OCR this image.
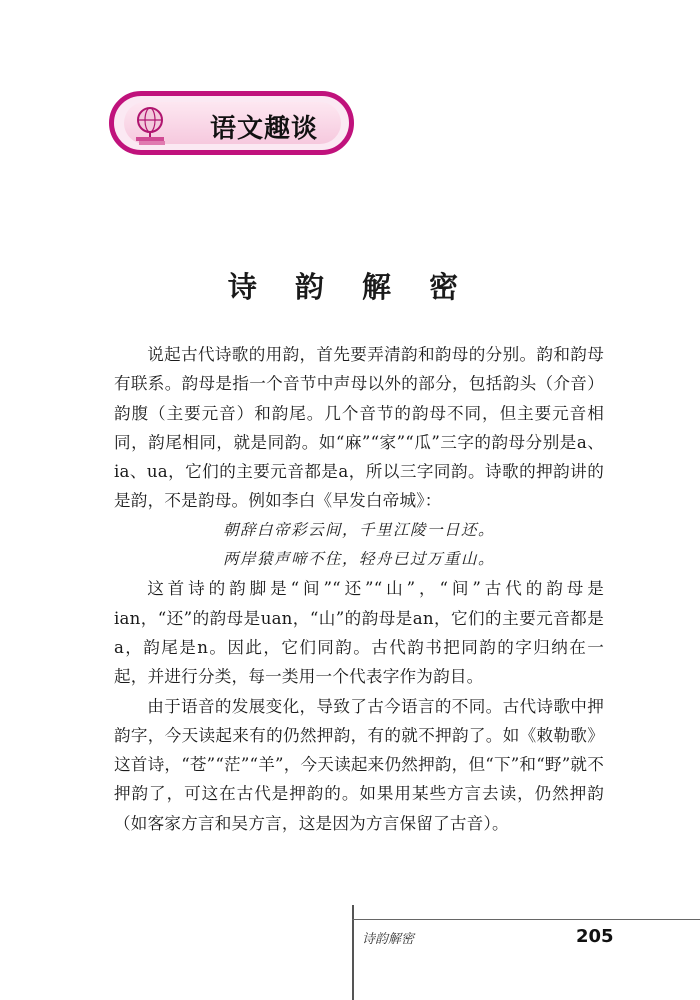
语文趣谈
诗 韵 解 密

说起古代诗歌的用韵，首先要弄清韵和韵母的分别。韵和韵母有联系。韵母是指一个音节中声母以外的部分，包括韵头（介音）韵腹（主要元音）和韵尾。几个音节的韵母不同，但主要元音相同，韵尾相同，就是同韵。如“麻”“家”“瓜”三字的韵母分别是a、ia、ua，它们的主要元音都是a，所以三字同韵。诗歌的押韵讲的是韵，不是韵母。例如李白《早发白帝城》：

朝辞白帝彩云间，千里江陵一日还。

两岸猿声啼不住，轻舟已过万重山。

这首诗的韵脚是“间”“还”“山”，“间”古代的韵母是ian，“还”的韵母是uan，“山”的韵母是an，它们的主要元音都是a，韵尾是n。因此，它们同韵。古代韵书把同韵的字归纳在一起，并进行分类，每一类用一个代表字作为韵目。

由于语音的发展变化，导致了古今语言的不同。古代诗歌中押韵字，今天读起来有的仍然押韵，有的就不押韵了。如《敕勒歌》这首诗，“苍”“茫”“羊”，今天读起来仍然押韵，但“下”和“野”就不押韵了，可这在古代是押韵的。如果用某些方言去读，仍然押韵（如客家方言和吴方言，这是因为方言保留了古音）。

诗韵解密	205
